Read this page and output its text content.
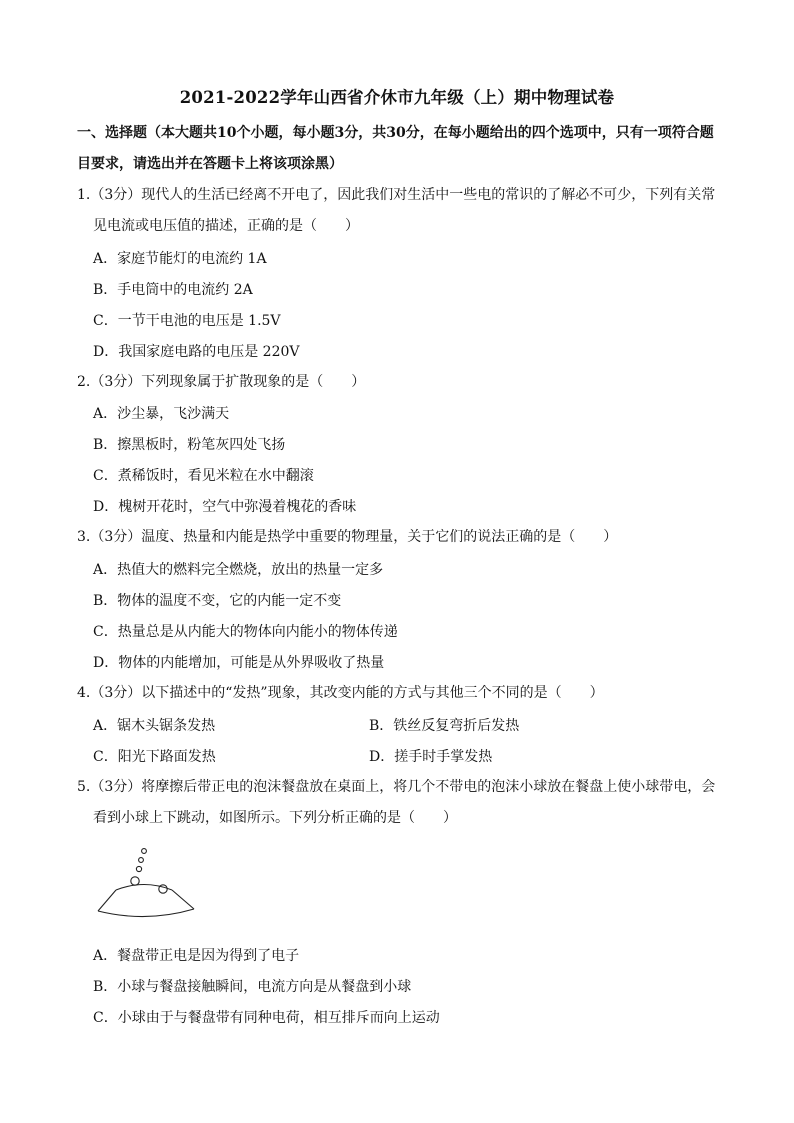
2021-2022学年山西省介休市九年级（上）期中物理试卷
一、选择题（本大题共10个小题，每小题3分，共30分，在每小题给出的四个选项中，只有一项符合题
目要求，请选出并在答题卡上将该项涂黑）
1.（3分）现代人的生活已经离不开电了，因此我们对生活中一些电的常识的了解必不可少，下列有关常
见电流或电压值的描述，正确的是（　　）
A．家庭节能灯的电流约 1A
B．手电筒中的电流约 2A
C．一节干电池的电压是 1.5V
D．我国家庭电路的电压是 220V
2.（3分）下列现象属于扩散现象的是（　　）
A．沙尘暴，飞沙满天
B．擦黑板时，粉笔灰四处飞扬
C．煮稀饭时，看见米粒在水中翻滚
D．槐树开花时，空气中弥漫着槐花的香味
3.（3分）温度、热量和内能是热学中重要的物理量，关于它们的说法正确的是（　　）
A．热值大的燃料完全燃烧，放出的热量一定多
B．物体的温度不变，它的内能一定不变
C．热量总是从内能大的物体向内能小的物体传递
D．物体的内能增加，可能是从外界吸收了热量
4.（3分）以下描述中的“发热”现象，其改变内能的方式与其他三个不同的是（　　）
A．锯木头锯条发热	B．铁丝反复弯折后发热
C．阳光下路面发热	D．搓手时手掌发热
5.（3分）将摩擦后带正电的泡沫餐盘放在桌面上，将几个不带电的泡沫小球放在餐盘上使小球带电，会
看到小球上下跳动，如图所示。下列分析正确的是（　　）
A．餐盘带正电是因为得到了电子
B．小球与餐盘接触瞬间，电流方向是从餐盘到小球
C．小球由于与餐盘带有同种电荷，相互排斥而向上运动
